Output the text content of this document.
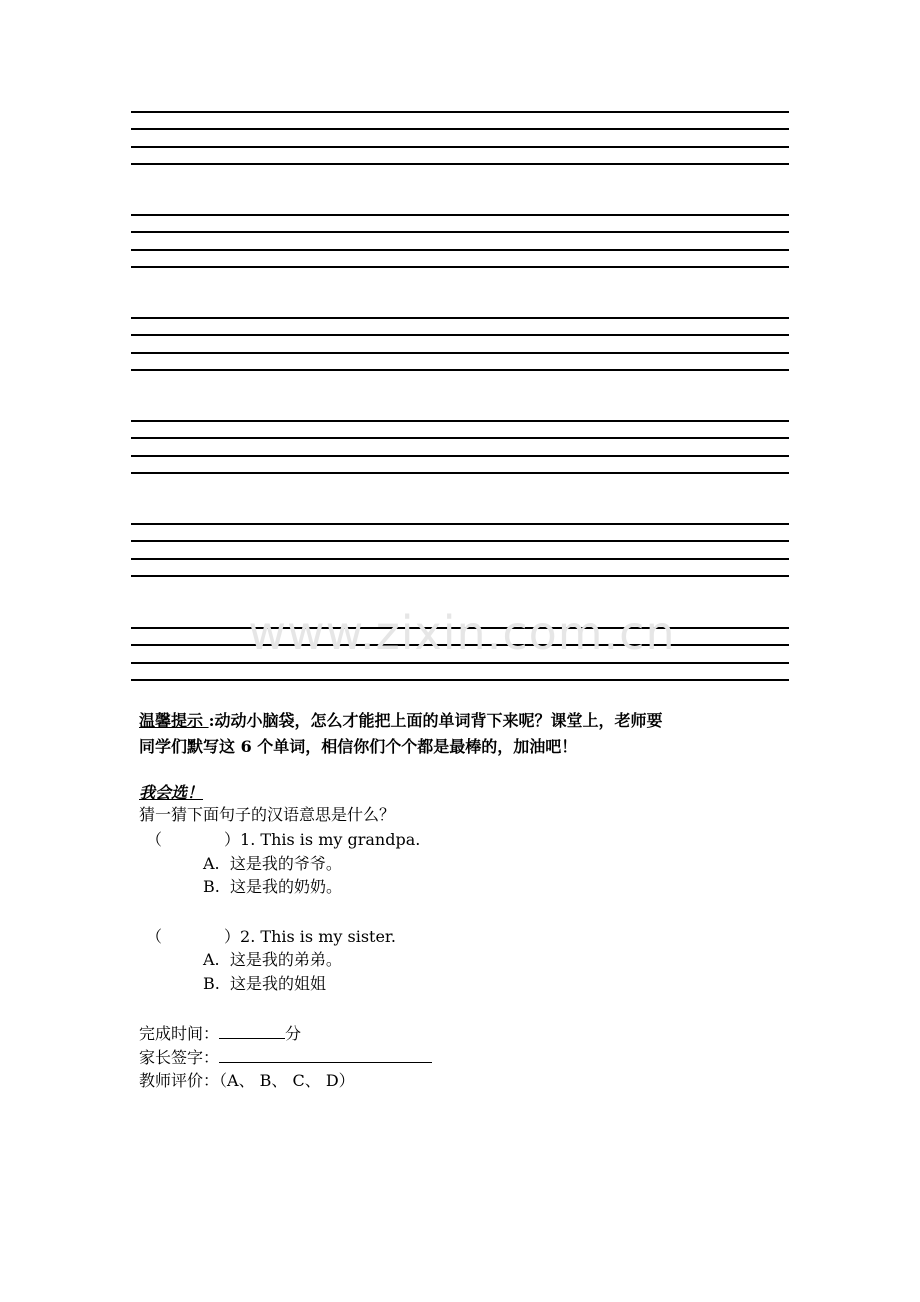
www.zixin.com.cn
温馨提示 :动动小脑袋，怎么才能把上面的单词背下来呢？课堂上，老师要
同学们默写这 6 个单词，相信你们个个都是最棒的，加油吧！
我会选！
猜一猜下面句子的汉语意思是什么？
（	）1. This is my grandpa.
A. 这是我的爷爷。
B. 这是我的奶奶。
（	）2. This is my sister.
A. 这是我的弟弟。
B. 这是我的姐姐
完成时间：	分
家长签字：
教师评价：（A、 B、 C、 D）
